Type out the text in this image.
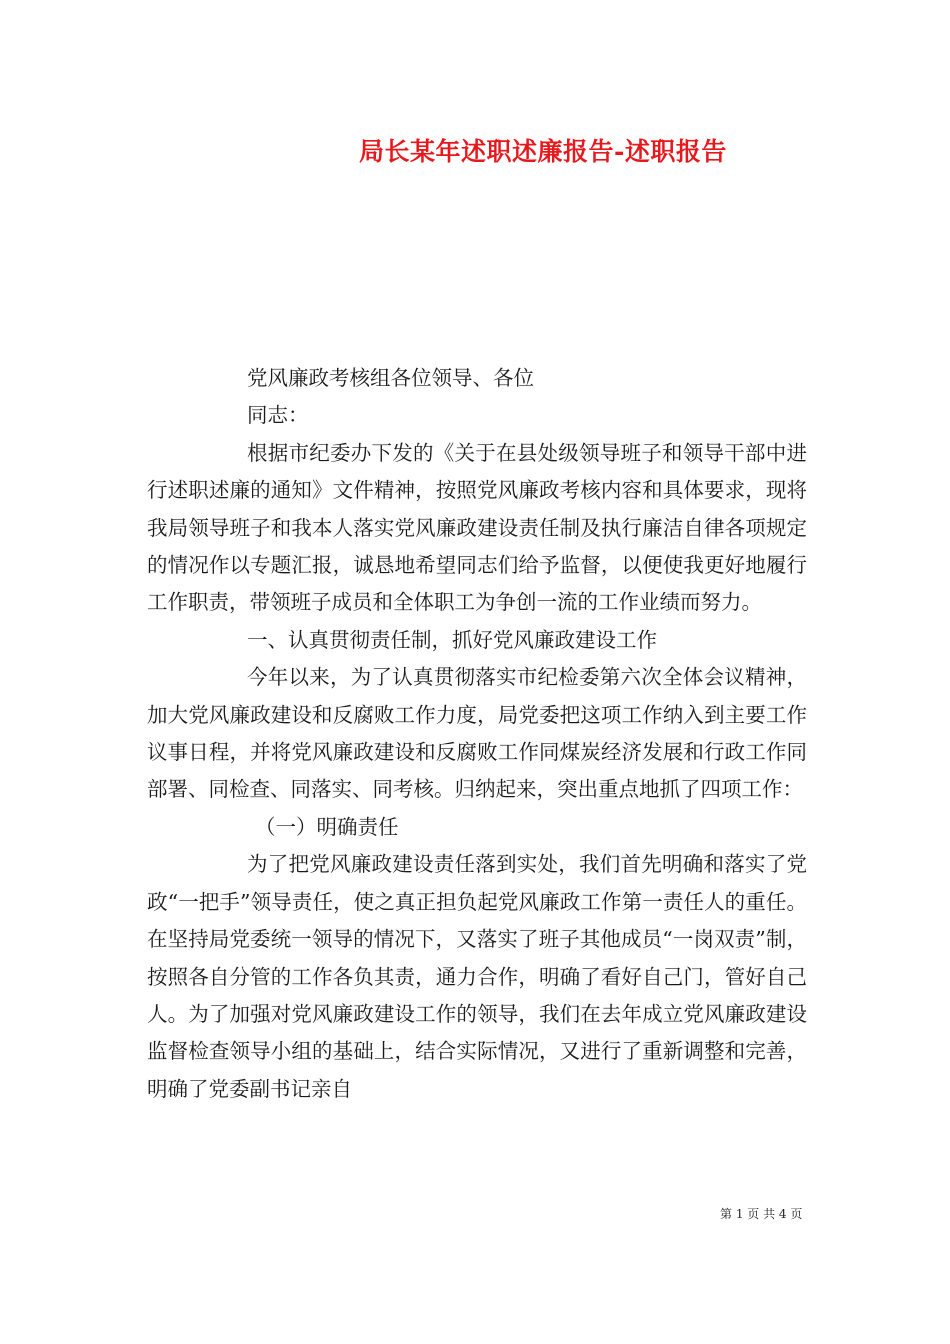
局长某年述职述廉报告-述职报告

党风廉政考核组各位领导、各位

同志：

根据市纪委办下发的《关于在县处级领导班子和领导干部中进行述职述廉的通知》文件精神，按照党风廉政考核内容和具体要求，现将我局领导班子和我本人落实党风廉政建设责任制及执行廉洁自律各项规定的情况作以专题汇报，诚恳地希望同志们给予监督，以便使我更好地履行工作职责，带领班子成员和全体职工为争创一流的工作业绩而努力。

一、认真贯彻责任制，抓好党风廉政建设工作

今年以来，为了认真贯彻落实市纪检委第六次全体会议精神，加大党风廉政建设和反腐败工作力度，局党委把这项工作纳入到主要工作议事日程，并将党风廉政建设和反腐败工作同煤炭经济发展和行政工作同部署、同检查、同落实、同考核。归纳起来，突出重点地抓了四项工作：

（一）明确责任

为了把党风廉政建设责任落到实处，我们首先明确和落实了党政“一把手”领导责任，使之真正担负起党风廉政工作第一责任人的重任。在坚持局党委统一领导的情况下，又落实了班子其他成员“一岗双责”制，按照各自分管的工作各负其责，通力合作，明确了看好自己门，管好自己人。为了加强对党风廉政建设工作的领导，我们在去年成立党风廉政建设监督检查领导小组的基础上，结合实际情况，又进行了重新调整和完善，明确了党委副书记亲自

第 1 页 共 4 页
